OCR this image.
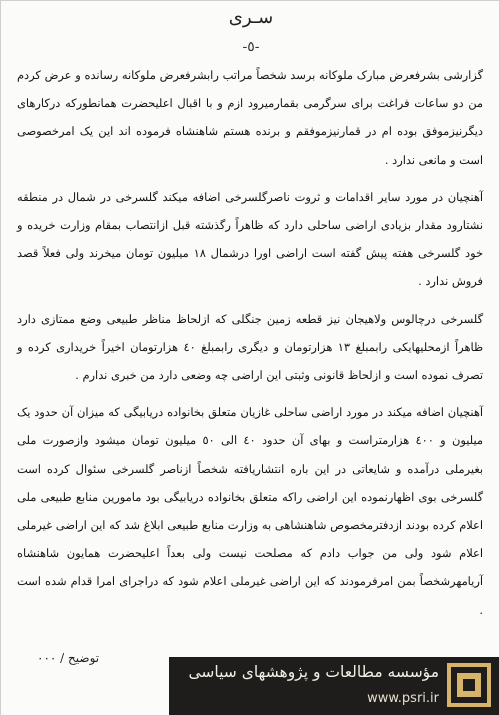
سـری
-٥-

گزارشی بشرفعرض مبارک ملوکانه برسد شخصاً مراتب رابشرفعرض ملوکانه رسانده و عرض کردم من دو ساعات فراغت برای سرگرمی بقمارمیرود ازم و با اقبال اعلیحضرت همانطورکه درکارهای دیگرنیزموفق بوده ام در قمارنیزموفقم و برنده هستم شاهنشاه فرموده اند این یک امرخصوصی است و مانعی ندارد .

آهنچیان در مورد سایر اقدامات و ثروت ناصرگلسرخی اضافه میکند گلسرخی در شمال در منطقه نشتارود مقدار بزیادی اراضی ساحلی دارد که ظاهراً رگذشته قبل ازانتصاب بمقام وزارت خریده و خود گلسرخی هفته پیش گفته است اراضی اورا درشمال ١٨ میلیون تومان میخرند ولی فعلاً قصد فروش ندارد .

گلسرخی درچالوس ولاهیجان نیز قطعه زمین جنگلی که ازلحاظ مناظر طبیعی وضع ممتازی دارد ظاهراً ازمحلیهایکی رابمبلغ ١٣ هزارتومان و دیگری رابمبلغ ٤٠ هزارتومان اخیراً خریداری کرده و تصرف نموده است و ازلحاظ قانونی وثبتی این اراضی چه وضعی دارد من خبری ندارم .

آهنچیان اضافه میکند در مورد اراضی ساحلی غازیان متعلق بخانواده دریابیگی که میزان آن حدود یک میلیون و ٤٠٠ هزارمتراست و بهای آن حدود ٤٠ الی ٥٠ میلیون تومان میشود وازصورت ملی بغیرملی درآمده و شایعاتی در این باره انتشاریافته شخصاً ازناصر گلسرخی سئوال کرده است گلسرخی بوی اظهارنموده این اراضی راکه متعلق بخانواده دریابیگی بود مامورین منابع طبیعی ملی اعلام کرده بودند ازدفترمخصوص شاهنشاهی به وزارت منابع طبیعی ابلاغ شد که این اراضی غیرملی اعلام شود ولی من جواب دادم که مصلحت نیست ولی بعداً اعلیحضرت همایون شاهنشاه آریامهرشخصاً بمن امرفرمودند که این اراضی غیرملی اعلام شود که دراجرای امرا قدام شده است .

توضیح / ٠٠٠
مؤسسه مطالعات و پژوهشهای سیاسی
www.psri.ir
